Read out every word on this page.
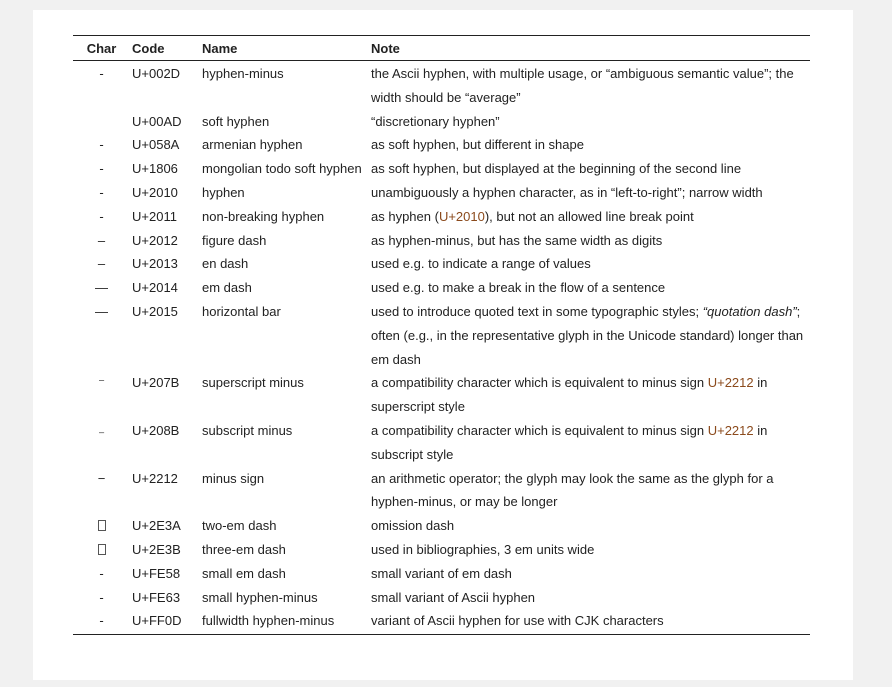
Char	Code	Name	Note
-	U+002D	hyphen-minus	the Ascii hyphen, with multiple usage, or “ambiguous semantic value”; the width should be “average”
	U+00AD	soft hyphen	“discretionary hyphen”
-	U+058A	armenian hyphen	as soft hyphen, but different in shape
-	U+1806	mongolian todo soft hyphen	as soft hyphen, but displayed at the beginning of the second line
-	U+2010	hyphen	unambiguously a hyphen character, as in “left-to-right”; narrow width
-	U+2011	non-breaking hyphen	as hyphen (U+2010), but not an allowed line break point
–	U+2012	figure dash	as hyphen-minus, but has the same width as digits
–	U+2013	en dash	used e.g. to indicate a range of values
—	U+2014	em dash	used e.g. to make a break in the flow of a sentence
—	U+2015	horizontal bar	used to introduce quoted text in some typographic styles; “quotation dash”; often (e.g., in the representative glyph in the Unicode standard) longer than em dash
⁻	U+207B	superscript minus	a compatibility character which is equivalent to minus sign U+2212 in superscript style
₋	U+208B	subscript minus	a compatibility character which is equivalent to minus sign U+2212 in subscript style
−	U+2212	minus sign	an arithmetic operator; the glyph may look the same as the glyph for a hyphen-minus, or may be longer
	U+2E3A	two-em dash	omission dash
	U+2E3B	three-em dash	used in bibliographies, 3 em units wide
-	U+FE58	small em dash	small variant of em dash
-	U+FE63	small hyphen-minus	small variant of Ascii hyphen
-	U+FF0D	fullwidth hyphen-minus	variant of Ascii hyphen for use with CJK characters
